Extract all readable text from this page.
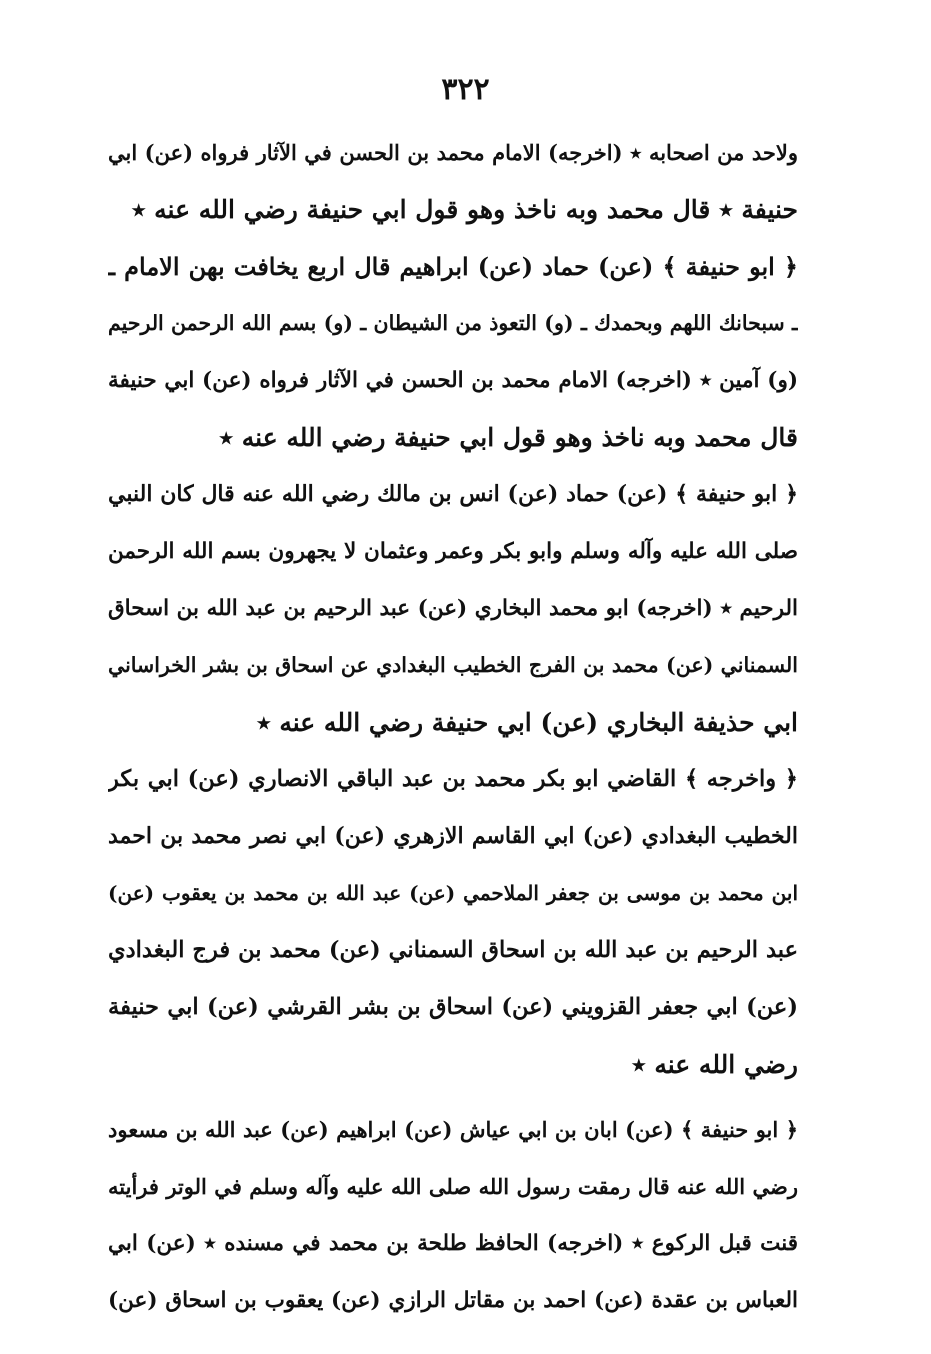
٣٢٢
ولاحد من اصحابه ٭ (اخرجه) الامام محمد بن الحسن في الآثار فرواه (عن) ابي
حنيفة ٭ قال محمد وبه ناخذ وهو قول ابي حنيفة رضي الله عنه ٭
﴿ ابو حنيفة ﴾ (عن) حماد (عن) ابراهيم قال اربع يخافت بهن الامام ـ
ـ سبحانك اللهم وبحمدك ـ (و) التعوذ من الشيطان ـ (و) بسم الله الرحمن الرحيم
(و) آمين ٭ (اخرجه) الامام محمد بن الحسن في الآثار فرواه (عن) ابي حنيفة
قال محمد وبه ناخذ وهو قول ابي حنيفة رضي الله عنه ٭
﴿ ابو حنيفة ﴾ (عن) حماد (عن) انس بن مالك رضي الله عنه قال كان النبي
صلى الله عليه وآله وسلم وابو بكر وعمر وعثمان لا يجهرون بسم الله الرحمن
الرحيم ٭ (اخرجه) ابو محمد البخاري (عن) عبد الرحيم بن عبد الله بن اسحاق
السمناني (عن) محمد بن الفرج الخطيب البغدادي عن اسحاق بن بشر الخراساني
ابي حذيفة البخاري (عن) ابي حنيفة رضي الله عنه ٭
﴿ واخرجه ﴾ القاضي ابو بكر محمد بن عبد الباقي الانصاري (عن) ابي بكر
الخطيب البغدادي (عن) ابي القاسم الازهري (عن) ابي نصر محمد بن احمد
ابن محمد بن موسى بن جعفر الملاحمي (عن) عبد الله بن محمد بن يعقوب (عن)
عبد الرحيم بن عبد الله بن اسحاق السمناني (عن) محمد بن فرج البغدادي
(عن) ابي جعفر القزويني (عن) اسحاق بن بشر القرشي (عن) ابي حنيفة
رضي الله عنه ٭
﴿ ابو حنيفة ﴾ (عن) ابان بن ابي عياش (عن) ابراهيم (عن) عبد الله بن مسعود
رضي الله عنه قال رمقت رسول الله صلى الله عليه وآله وسلم في الوتر فرأيته
قنت قبل الركوع ٭ (اخرجه) الحافظ طلحة بن محمد في مسنده ٭ (عن) ابي
العباس بن عقدة (عن) احمد بن مقاتل الرازي (عن) يعقوب بن اسحاق (عن)
